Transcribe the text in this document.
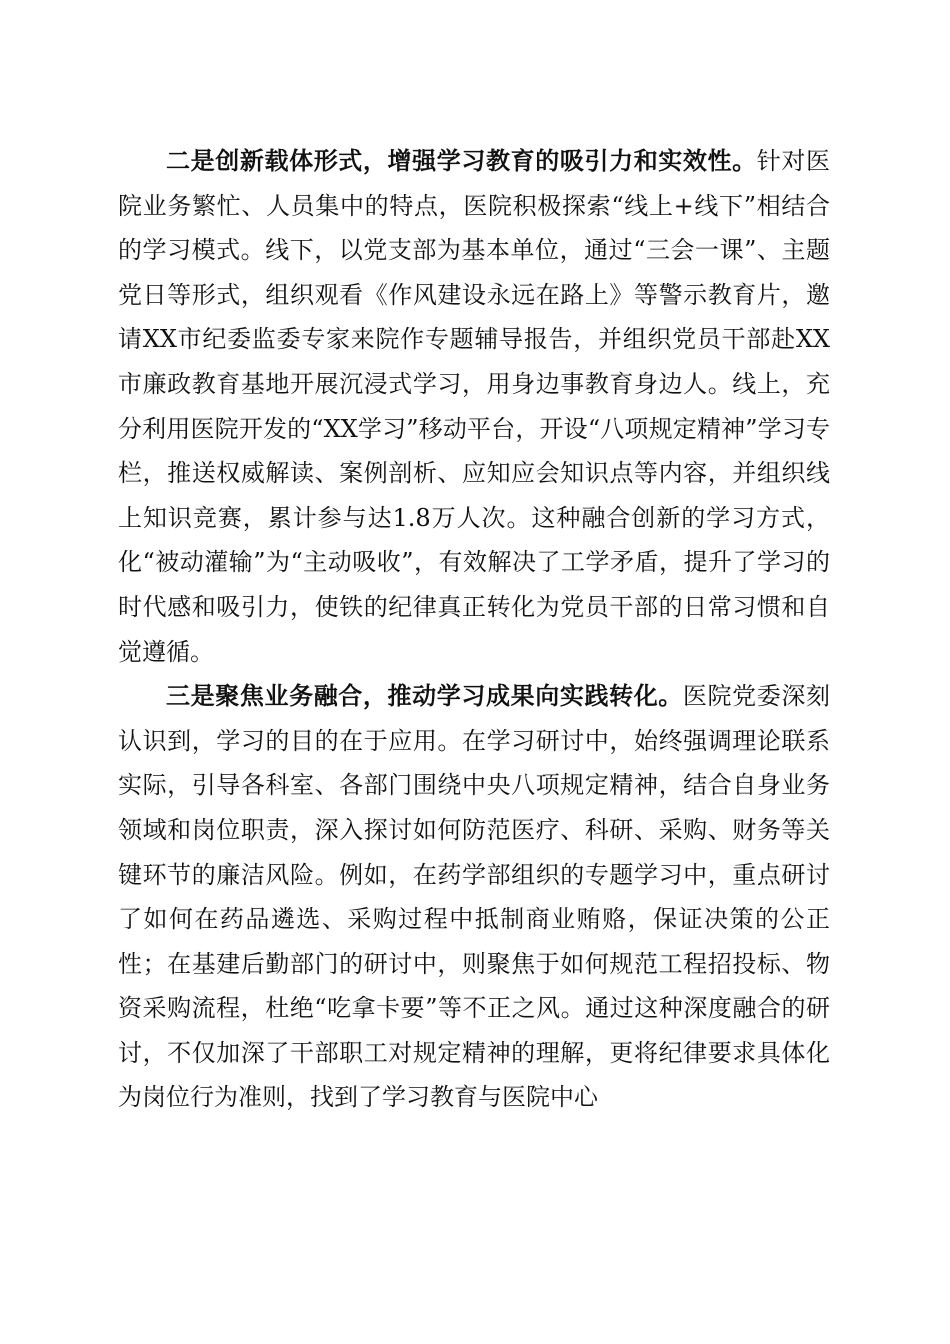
二是创新载体形式，增强学习教育的吸引力和实效性。针对医院业务繁忙、人员集中的特点，医院积极探索“线上+线下”相结合的学习模式。线下，以党支部为基本单位，通过“三会一课”、主题党日等形式，组织观看《作风建设永远在路上》等警示教育片，邀请XX市纪委监委专家来院作专题辅导报告，并组织党员干部赴XX市廉政教育基地开展沉浸式学习，用身边事教育身边人。线上，充分利用医院开发的“XX学习”移动平台，开设“八项规定精神”学习专栏，推送权威解读、案例剖析、应知应会知识点等内容，并组织线上知识竞赛，累计参与达1.8万人次。这种融合创新的学习方式，化“被动灌输”为“主动吸收”，有效解决了工学矛盾，提升了学习的时代感和吸引力，使铁的纪律真正转化为党员干部的日常习惯和自觉遵循。

三是聚焦业务融合，推动学习成果向实践转化。医院党委深刻认识到，学习的目的在于应用。在学习研讨中，始终强调理论联系实际，引导各科室、各部门围绕中央八项规定精神，结合自身业务领域和岗位职责，深入探讨如何防范医疗、科研、采购、财务等关键环节的廉洁风险。例如，在药学部组织的专题学习中，重点研讨了如何在药品遴选、采购过程中抵制商业贿赂，保证决策的公正性；在基建后勤部门的研讨中，则聚焦于如何规范工程招投标、物资采购流程，杜绝“吃拿卡要”等不正之风。通过这种深度融合的研讨，不仅加深了干部职工对规定精神的理解，更将纪律要求具体化为岗位行为准则，找到了学习教育与医院中心
